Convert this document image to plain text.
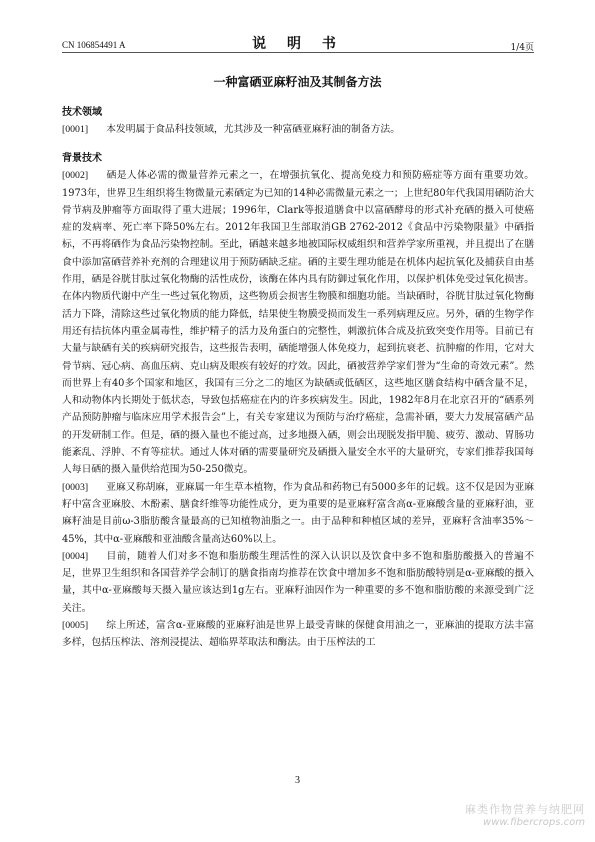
CN 106854491 A	说 明 书	1/4页
一种富硒亚麻籽油及其制备方法

技术领域

[0001] 本发明属于食品科技领域，尤其涉及一种富硒亚麻籽油的制备方法。

背景技术

[0002] 硒是人体必需的微量营养元素之一，在增强抗氧化、提高免疫力和预防癌症等方面有重要功效。1973年，世界卫生组织将生物微量元素硒定为已知的14种必需微量元素之一；上世纪80年代我国用硒防治大骨节病及肿瘤等方面取得了重大进展；1996年，Clark等报道膳食中以富硒酵母的形式补充硒的摄入可使癌症的发病率、死亡率下降50%左右。2012年我国卫生部取消GB 2762-2012《食品中污染物限量》中硒指标，不再将硒作为食品污染物控制。至此，硒越来越多地被国际权威组织和营养学家所重视，并且提出了在膳食中添加富硒营养补充剂的合理建议用于预防硒缺乏症。硒的主要生理功能是在机体内起抗氧化及捕获自由基作用，硒是谷胱甘肽过氧化物酶的活性成份，该酶在体内具有防御过氧化作用，以保护机体免受过氧化损害。在体内物质代谢中产生一些过氧化物质，这些物质会损害生物膜和细胞功能。当缺硒时，谷胱甘肽过氧化物酶活力下降，清除这些过氧化物质的能力降低，结果使生物膜受损而发生一系列病理反应。另外，硒的生物学作用还有拮抗体内重金属毒性，维护精子的活力及角蛋白的完整性，刺激抗体合成及抗致突变作用等。目前已有大量与缺硒有关的疾病研究报告，这些报告表明，硒能增强人体免疫力，起到抗衰老、抗肿瘤的作用，它对大骨节病、冠心病、高血压病、克山病及眼疾有较好的疗效。因此，硒被营养学家们誉为“生命的奇效元素”。然而世界上有40多个国家和地区，我国有三分之二的地区为缺硒或低硒区，这些地区膳食结构中硒含量不足，人和动物体内长期处于低状态，导致包括癌症在内的许多疾病发生。因此，1982年8月在北京召开的“硒系列产品预防肿瘤与临床应用学术报告会”上，有关专家建议为预防与治疗癌症，急需补硒，要大力发展富硒产品的开发研制工作。但是，硒的摄入量也不能过高，过多地摄入硒，则会出现脱发指甲脆、疲劳、激动、胃肠功能紊乱、浮肿、不育等症状。通过人体对硒的需要量研究及硒摄入量安全水平的大量研究，专家们推荐我国每人每日硒的摄入量供给范围为50-250微克。

[0003] 亚麻又称胡麻，亚麻属一年生草本植物，作为食品和药物已有5000多年的记载。这不仅是因为亚麻籽中富含亚麻胶、木酚素、膳食纤维等功能性成分，更为重要的是亚麻籽富含高α-亚麻酸含量的亚麻籽油，亚麻籽油是目前ω-3脂肪酸含量最高的已知植物油脂之一。由于品种和种植区域的差异，亚麻籽含油率35%～45%，其中α-亚麻酸和亚油酸含量高达60%以上。

[0004] 目前，随着人们对多不饱和脂肪酸生理活性的深入认识以及饮食中多不饱和脂肪酸摄入的普遍不足，世界卫生组织和各国营养学会制订的膳食指南均推荐在饮食中增加多不饱和脂肪酸特别是α-亚麻酸的摄入量，其中α-亚麻酸每天摄入量应该达到1g左右。亚麻籽油因作为一种重要的多不饱和脂肪酸的来源受到广泛关注。

[0005] 综上所述，富含α-亚麻酸的亚麻籽油是世界上最受青睐的保健食用油之一，亚麻油的提取方法丰富多样，包括压榨法、溶剂浸提法、超临界萃取法和酶法。由于压榨法的工

3
麻类作物营养与纳肥网
www.fibercrops.com
